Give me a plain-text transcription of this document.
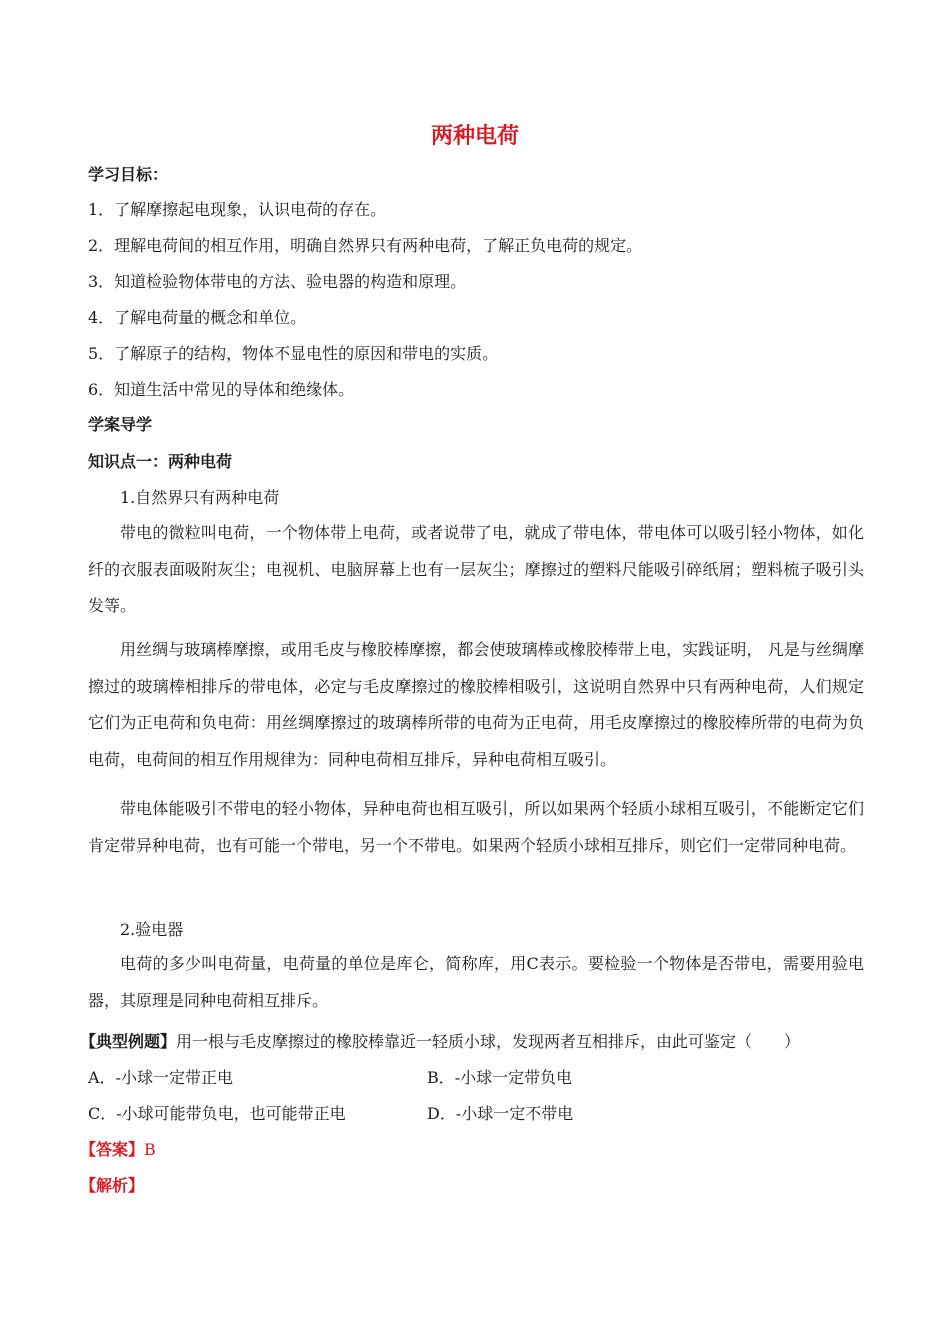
两种电荷
学习目标：
1．了解摩擦起电现象，认识电荷的存在。
2．理解电荷间的相互作用，明确自然界只有两种电荷，了解正负电荷的规定。
3．知道检验物体带电的方法、验电器的构造和原理。
4．了解电荷量的概念和单位。
5．了解原子的结构，物体不显电性的原因和带电的实质。
6．知道生活中常见的导体和绝缘体。
学案导学
知识点一：两种电荷
1.自然界只有两种电荷
带电的微粒叫电荷，一个物体带上电荷，或者说带了电，就成了带电体，带电体可以吸引轻小物体，如化纤的衣服表面吸附灰尘；电视机、电脑屏幕上也有一层灰尘；摩擦过的塑料尺能吸引碎纸屑；塑料梳子吸引头发等。
用丝绸与玻璃棒摩擦，或用毛皮与橡胶棒摩擦，都会使玻璃棒或橡胶棒带上电，实践证明， 凡是与丝绸摩擦过的玻璃棒相排斥的带电体，必定与毛皮摩擦过的橡胶棒相吸引，这说明自然界中只有两种电荷，人们规定它们为正电荷和负电荷：用丝绸摩擦过的玻璃棒所带的电荷为正电荷，用毛皮摩擦过的橡胶棒所带的电荷为负电荷，电荷间的相互作用规律为：同种电荷相互排斥，异种电荷相互吸引。
带电体能吸引不带电的轻小物体，异种电荷也相互吸引，所以如果两个轻质小球相互吸引，不能断定它们肯定带异种电荷，也有可能一个带电，另一个不带电。如果两个轻质小球相互排斥，则它们一定带同种电荷。
2.验电器
电荷的多少叫电荷量，电荷量的单位是库仑，简称库，用C表示。要检验一个物体是否带电，需要用验电器，其原理是同种电荷相互排斥。
【典型例题】用一根与毛皮摩擦过的橡胶棒靠近一轻质小球，发现两者互相排斥，由此可鉴定（　　）
A．-小球一定带正电	B．-小球一定带负电
C．-小球可能带负电，也可能带正电	D．-小球一定不带电
【答案】B
【解析】
